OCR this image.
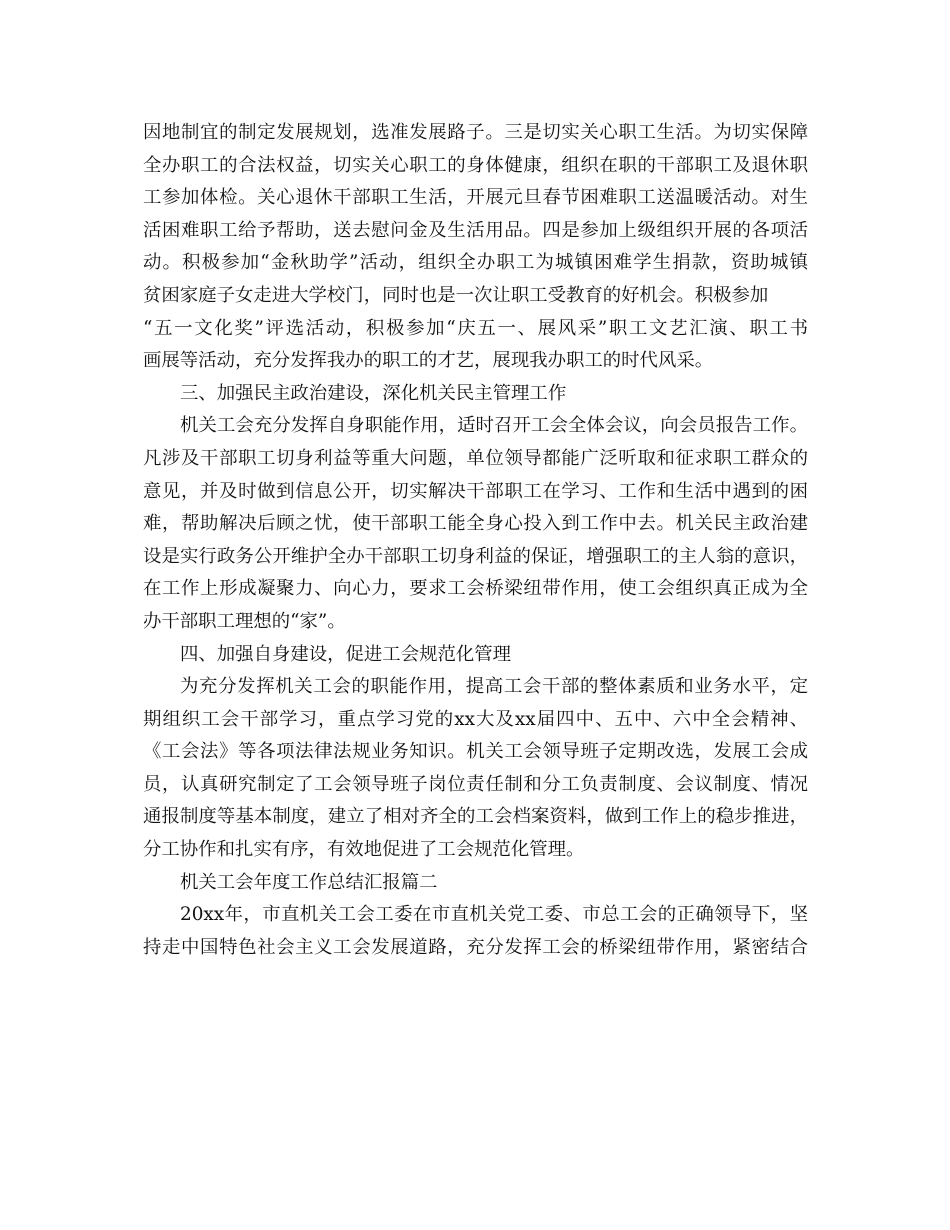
因地制宜的制定发展规划，选准发展路子。三是切实关心职工生活。为切实保障
全办职工的合法权益，切实关心职工的身体健康，组织在职的干部职工及退休职
工参加体检。关心退休干部职工生活，开展元旦春节困难职工送温暖活动。对生
活困难职工给予帮助，送去慰问金及生活用品。四是参加上级组织开展的各项活
动。积极参加“金秋助学”活动，组织全办职工为城镇困难学生捐款，资助城镇
贫困家庭子女走进大学校门，同时也是一次让职工受教育的好机会。积极参加
“五一文化奖”评选活动，积极参加“庆五一、展风采”职工文艺汇演、职工书
画展等活动，充分发挥我办的职工的才艺，展现我办职工的时代风采。
三、加强民主政治建设，深化机关民主管理工作
机关工会充分发挥自身职能作用，适时召开工会全体会议，向会员报告工作。
凡涉及干部职工切身利益等重大问题，单位领导都能广泛听取和征求职工群众的
意见，并及时做到信息公开，切实解决干部职工在学习、工作和生活中遇到的困
难，帮助解决后顾之忧，使干部职工能全身心投入到工作中去。机关民主政治建
设是实行政务公开维护全办干部职工切身利益的保证，增强职工的主人翁的意识，
在工作上形成凝聚力、向心力，要求工会桥梁纽带作用，使工会组织真正成为全
办干部职工理想的“家”。
四、加强自身建设，促进工会规范化管理
为充分发挥机关工会的职能作用，提高工会干部的整体素质和业务水平，定
期组织工会干部学习，重点学习党的xx大及xx届四中、五中、六中全会精神、
《工会法》等各项法律法规业务知识。机关工会领导班子定期改选，发展工会成
员，认真研究制定了工会领导班子岗位责任制和分工负责制度、会议制度、情况
通报制度等基本制度，建立了相对齐全的工会档案资料，做到工作上的稳步推进，
分工协作和扎实有序，有效地促进了工会规范化管理。
机关工会年度工作总结汇报篇二
20xx年，市直机关工会工委在市直机关党工委、市总工会的正确领导下，坚
持走中国特色社会主义工会发展道路，充分发挥工会的桥梁纽带作用，紧密结合
